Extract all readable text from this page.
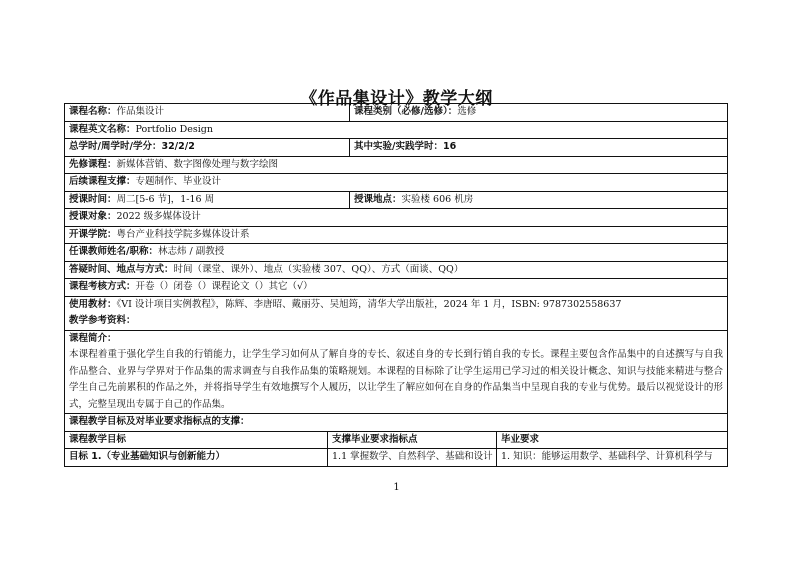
《作品集设计》教学大纲
课程名称：作品集设计		课程类别（必修/选修）：选修	
课程英文名称：Portfolio Design			
总学时/周学时/学分：32/2/2		其中实验/实践学时：16	
先修课程：新媒体营销、数字图像处理与数字绘图			
后续课程支撑：专题制作、毕业设计			
授课时间：周二[5-6 节]，1-16 周		授课地点：实验楼 606 机房	
授课对象：2022 级多媒体设计			
开课学院：粤台产业科技学院多媒体设计系			
任课教师姓名/职称：林志炜 / 副教授			
答疑时间、地点与方式：时间（课堂、课外）、地点（实验楼 307、QQ）、方式（面谈、QQ）			
课程考核方式：开卷（）闭卷（）课程论文（）其它（√）			
使用教材：《VI 设计项目实例教程》，陈辉、李唐昭、戴丽芬、吴旭筠，清华大学出版社，2024 年 1 月，ISBN: 9787302558637			
教学参考资料：			

课程简介：

本课程着重于强化学生自我的行销能力，让学生学习如何从了解自身的专长、叙述自身的专长到行销自我的专长。课程主要包含作品集中的自述撰写与自我作品整合、业界与学界对于作品集的需求调查与自我作品集的策略规划。本课程的目标除了让学生运用已学习过的相关设计概念、知识与技能来精进与整合学生自己先前累积的作品之外，并将指导学生有效地撰写个人履历，以让学生了解应如何在自身的作品集当中呈现自我的专业与优势。最后以视觉设计的形式，完整呈现出专属于自己的作品集。			

课程教学目标及对毕业要求指标点的支撑：			
课程教学目标	支撑毕业要求指标点		毕业要求
目标 1.（专业基础知识与创新能力）	1.1 掌握数学、自然科学、基础和设计		1. 知识：能够运用数学、基础科学、计算机科学与
1
